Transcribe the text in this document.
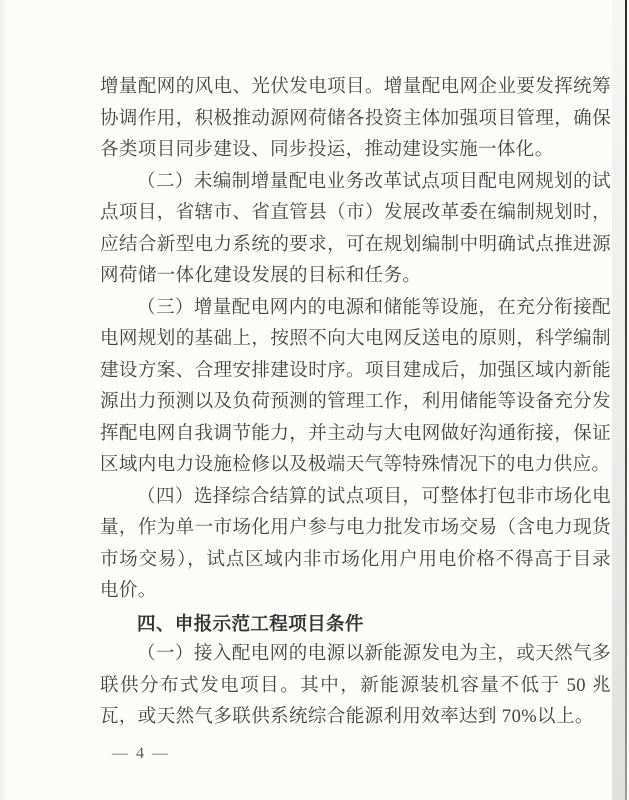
增量配网的风电、光伏发电项目。增量配电网企业要发挥统筹协调作用，积极推动源网荷储各投资主体加强项目管理，确保各类项目同步建设、同步投运，推动建设实施一体化。

（二）未编制增量配电业务改革试点项目配电网规划的试点项目，省辖市、省直管县（市）发展改革委在编制规划时，应结合新型电力系统的要求，可在规划编制中明确试点推进源网荷储一体化建设发展的目标和任务。

（三）增量配电网内的电源和储能等设施，在充分衔接配电网规划的基础上，按照不向大电网反送电的原则，科学编制建设方案、合理安排建设时序。项目建成后，加强区域内新能源出力预测以及负荷预测的管理工作，利用储能等设备充分发挥配电网自我调节能力，并主动与大电网做好沟通衔接，保证区域内电力设施检修以及极端天气等特殊情况下的电力供应。

（四）选择综合结算的试点项目，可整体打包非市场化电量，作为单一市场化用户参与电力批发市场交易（含电力现货市场交易），试点区域内非市场化用户用电价格不得高于目录电价。

四、申报示范工程项目条件

（一）接入配电网的电源以新能源发电为主，或天然气多联供分布式发电项目。其中，新能源装机容量不低于 50 兆瓦，或天然气多联供系统综合能源利用效率达到 70%以上。

— 4 —
